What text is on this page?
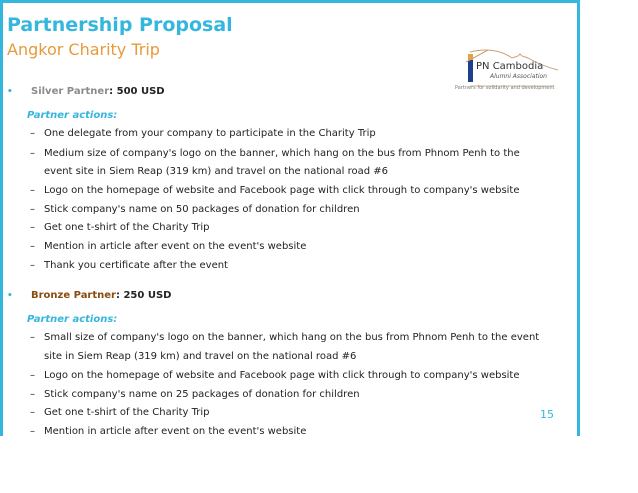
Partnership Proposal
Angkor Charity Trip
PN Cambodia
Alumni Association
Partners for solidarity and development
• Silver Partner: 500 USD
Partner actions:
– One delegate from your company to participate in the Charity Trip
– Medium size of company's logo on the banner, which hang on the bus from Phnom Penh to the
event site in Siem Reap (319 km) and travel on the national road #6
– Logo on the homepage of website and Facebook page with click through to company's website
– Stick company's name on 50 packages of donation for children
– Get one t-shirt of the Charity Trip
– Mention in article after event on the event's website
– Thank you certificate after the event
• Bronze Partner: 250 USD
Partner actions:
– Small size of company's logo on the banner, which hang on the bus from Phnom Penh to the event
site in Siem Reap (319 km) and travel on the national road #6
– Logo on the homepage of website and Facebook page with click through to company's website
– Stick company's name on 25 packages of donation for children
– Get one t-shirt of the Charity Trip
– Mention in article after event on the event's website
15
